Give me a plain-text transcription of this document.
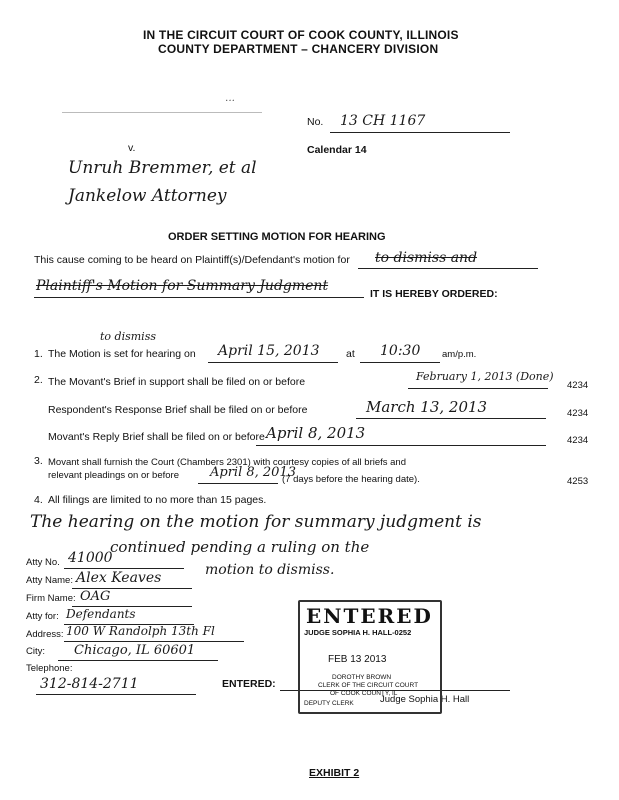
IN THE CIRCUIT COURT OF COOK COUNTY, ILLINOIS
COUNTY DEPARTMENT – CHANCERY DIVISION
...
v.
Unruh Bremmer, et al
Jankelow Attorney
No. 13 CH 1167
Calendar 14
ORDER SETTING MOTION FOR HEARING
This cause coming to be heard on Plaintiff(s)/Defendant's motion for to dismiss and
Plaintiff's Motion for Summary Judgment	IT IS HEREBY ORDERED:
to dismiss
1. The Motion is set for hearing on April 15, 2013	at 10:30 am/p.m.
2. The Movant's Brief in support shall be filed on or before	February 1, 2013 (Done)
4234
Respondent's Response Brief shall be filed on or before	March 13, 2013	4234
Movant's Reply Brief shall be filed on or before April 8, 2013	4234
3. Movant shall furnish the Court (Chambers 2301) with courtesy copies of all briefs and
relevant pleadings on or before April 8, 2013
(7 days before the hearing date).	4253
4. All filings are limited to no more than 15 pages.
The hearing on the motion for summary judgment is
continued pending a ruling on the
motion to dismiss.
Atty No. 41000
Atty Name: Alex Keaves
Firm Name: OAG
Atty for: Defendants
Address: 100 W Randolph 13th Fl
City: Chicago, IL 60601
Telephone:
312-814-2711	ENTERED:
Judge Sophia H. Hall
ENTERED
JUDGE SOPHIA H. HALL-0252
FEB 13 2013
DOROTHY BROWN
CLERK OF THE CIRCUIT COURT
OF COOK COUNTY, IL
DEPUTY CLERK
EXHIBIT 2
